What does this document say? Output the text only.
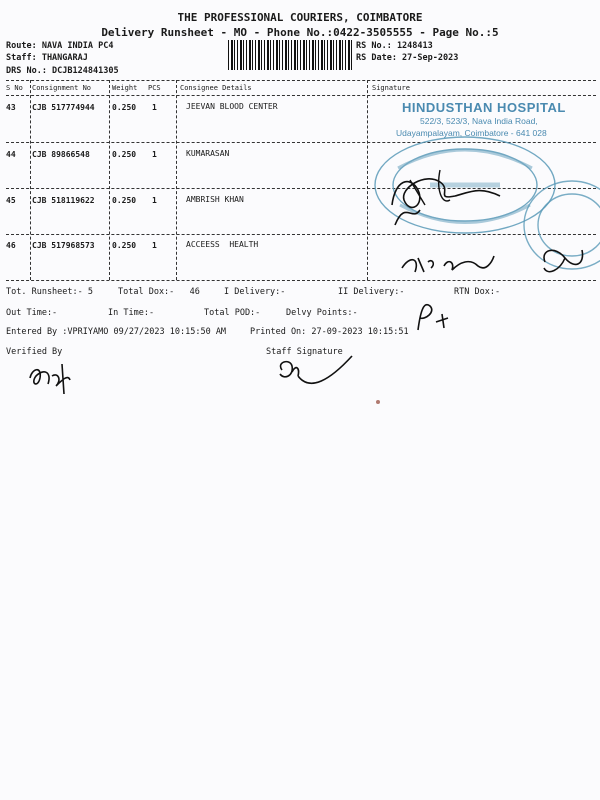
THE PROFESSIONAL COURIERS, COIMBATORE
Delivery Runsheet - MO - Phone No.:0422-3505555 - Page No.:5
Route: NAVA INDIA PC4
Staff: THANGARAJ
DRS No.: DCJB124841305
RS No.: 1248413
RS Date: 27-Sep-2023
S No Consignment No	Weight PCS	Consignee Details	Signature
43 CJB 517774944 0.250 1	JEEVAN BLOOD CENTER
44 CJB 89866548	0.250 1	KUMARASAN
45 CJB 518119622 0.250 1	AMBRISH KHAN
46 CJB 517968573 0.250 1	ACCEESS  HEALTH
Tot. Runsheet:- 5	Total Dox:-   46	I Delivery:-	II Delivery:-	RTN Dox:-
Out Time:-	In Time:-	Total POD:-	Delvy Points:-
Entered By :VPRIYAMO 09/27/2023 10:15:50 AM	Printed On: 27-09-2023 10:15:51
Verified By	Staff Signature
HINDUSTHAN HOSPITAL
522/3, 523/3, Nava India Road,
Udayampalayam, Coimbatore - 641 028
